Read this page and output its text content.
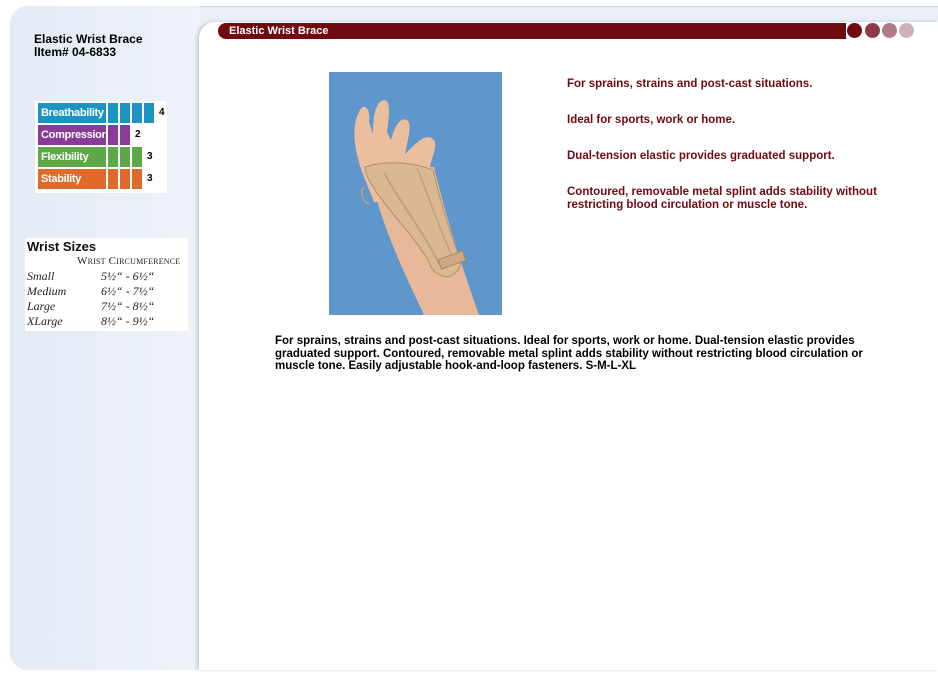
Elastic Wrist Brace
lItem# 04-6833
Breathability	4
Compression	2
Flexibility	3
Stability	3
Wrist Sizes
Wrist Circumference
Small	5½“ - 6½“
Medium	6½“ - 7½“
Large	7½“ - 8½“
XLarge	8½“ - 9½“
Elastic Wrist Brace
For sprains, strains and post-cast situations.
Ideal for sports, work or home.
Dual-tension elastic provides graduated support.
Contoured, removable metal splint adds stability without restricting blood circulation or muscle tone.
For sprains, strains and post-cast situations. Ideal for sports, work or home. Dual-tension elastic provides graduated support. Contoured, removable metal splint adds stability without restricting blood circulation or muscle tone. Easily adjustable hook-and-loop fasteners. S-M-L-XL
